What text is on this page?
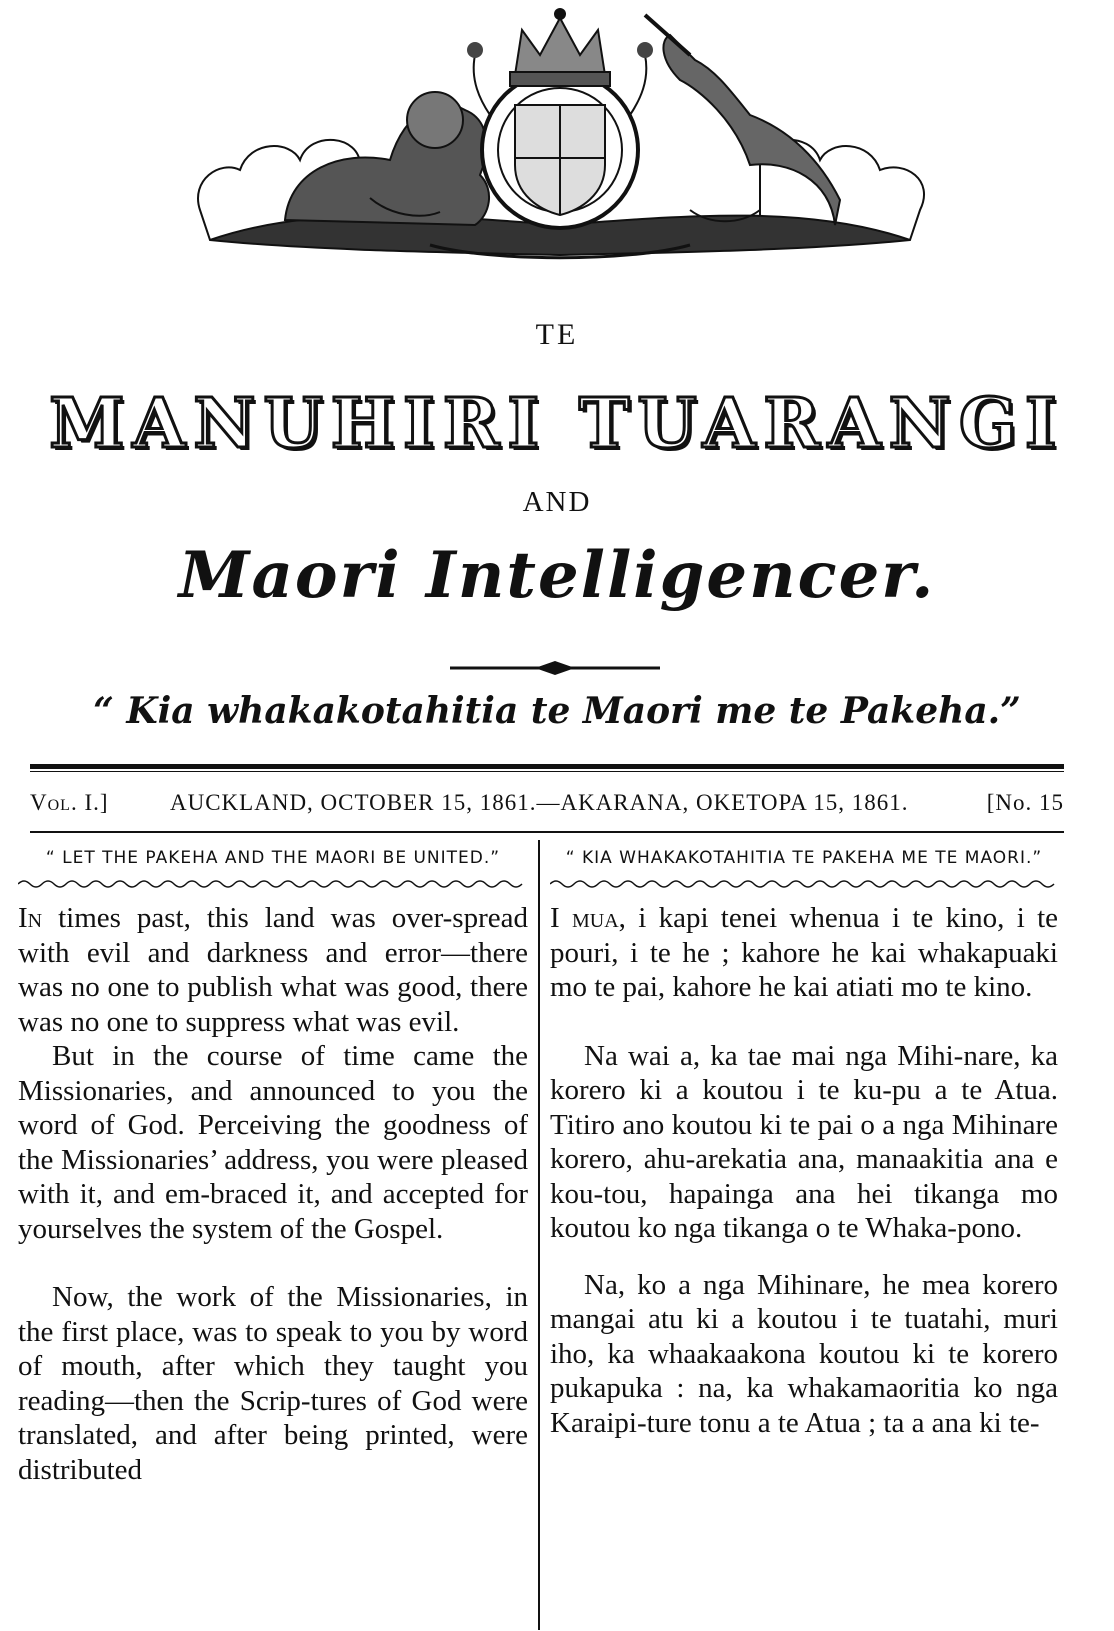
TE
MANUHIRI TUARANGI
AND
Maori Intelligencer.
“ Kia whakakotahitia te Maori me te Pakeha.”
Vol. I.]	AUCKLAND, OCTOBER 15, 1861.—AKARANA, OKETOPA 15, 1861.	[No. 15
“ LET THE PAKEHA AND THE MAORI BE UNITED.”

In times past, this land was over-spread with evil and darkness and error—there was no one to publish what was good, there was no one to suppress what was evil.

But in the course of time came the Missionaries, and announced to you the word of God. Perceiving the goodness of the Missionaries’ address, you were pleased with it, and em-braced it, and accepted for yourselves the system of the Gospel.

Now, the work of the Missionaries, in the first place, was to speak to you by word of mouth, after which they taught you reading—then the Scrip-tures of God were translated, and after being printed, were distributed

“ KIA WHAKAKOTAHITIA TE PAKEHA ME TE MAORI.”

I mua, i kapi tenei whenua i te kino, i te pouri, i te he ; kahore he kai whakapuaki mo te pai, kahore he kai atiati mo te kino.

Na wai a, ka tae mai nga Mihi-nare, ka korero ki a koutou i te ku-pu a te Atua. Titiro ano koutou ki te pai o a nga Mihinare korero, ahu-arekatia ana, manaakitia ana e kou-tou, hapainga ana hei tikanga mo koutou ko nga tikanga o te Whaka-pono.

Na, ko a nga Mihinare, he mea korero mangai atu ki a koutou i te tuatahi, muri iho, ka whaakaakona koutou ki te korero pukapuka : na, ka whakamaoritia ko nga Karaipi-ture tonu a te Atua ; ta a ana ki te-
